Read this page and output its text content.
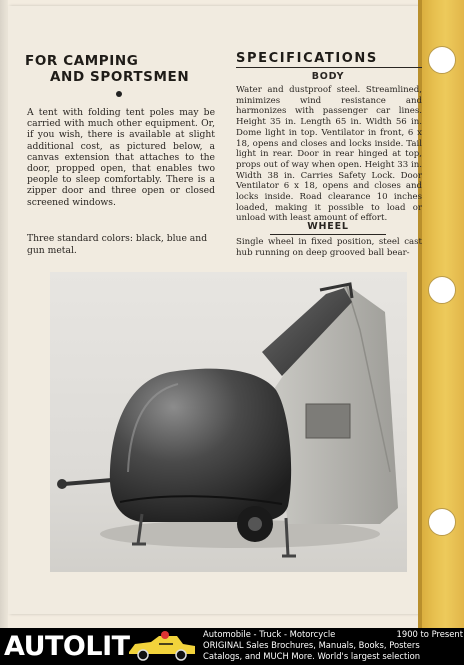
FOR CAMPING
AND SPORTSMEN
A tent with folding tent poles may be carried with much other equipment. Or, if you wish, there is available at slight additional cost, as pictured below, a canvas extension that attaches to the door, propped open, that enables two people to sleep comfortably. There is a zipper door and three open or closed screened windows.
Three standard colors: black, blue and gun metal.
SPECIFICATIONS
BODY
Water and dustproof steel. Streamlined, minimizes wind resistance and harmonizes with passenger car lines. Height 35 in. Length 65 in. Width 56 in. Dome light in top. Ventilator in front, 6 x 18, opens and closes and locks inside. Tail light in rear. Door in rear hinged at top, props out of way when open. Height 33 in. Width 38 in. Carries Safety Lock. Door Ventilator 6 x 18, opens and closes and locks inside. Road clearance 10 inches loaded, making it possible to load or unload with least amount of effort.
WHEEL
Single wheel in fixed position, steel cast hub running on deep grooved ball bear-
AUTOLIT	Automobile - Truck - Motorcycle	1900 to Present
ORIGINAL Sales Brochures, Manuals, Books, Posters
Catalogs, and MUCH More. World's largest selection
